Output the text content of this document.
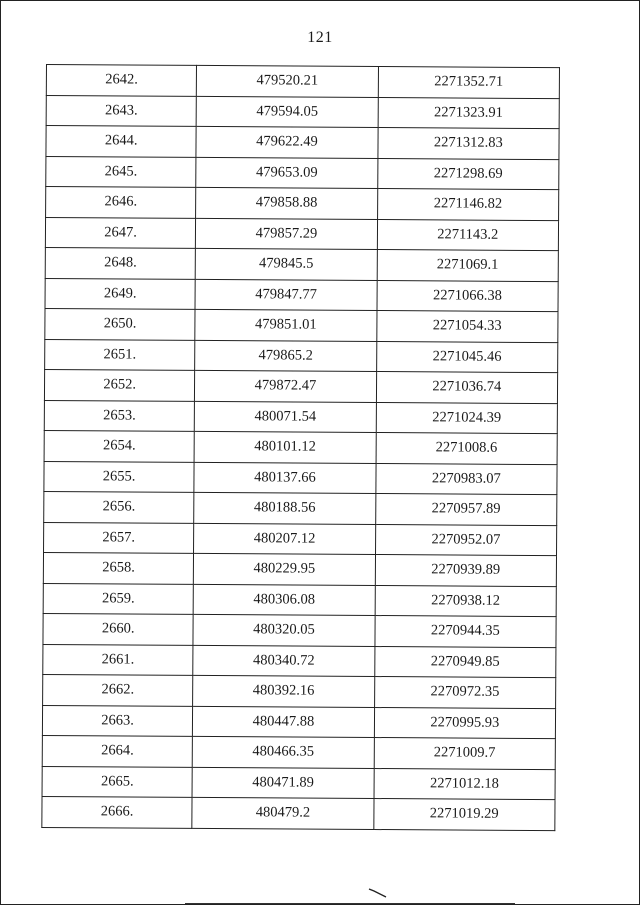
121
2642.	479520.21	2271352.71
2643.	479594.05	2271323.91
2644.	479622.49	2271312.83
2645.	479653.09	2271298.69
2646.	479858.88	2271146.82
2647.	479857.29	2271143.2
2648.	479845.5	2271069.1
2649.	479847.77	2271066.38
2650.	479851.01	2271054.33
2651.	479865.2	2271045.46
2652.	479872.47	2271036.74
2653.	480071.54	2271024.39
2654.	480101.12	2271008.6
2655.	480137.66	2270983.07
2656.	480188.56	2270957.89
2657.	480207.12	2270952.07
2658.	480229.95	2270939.89
2659.	480306.08	2270938.12
2660.	480320.05	2270944.35
2661.	480340.72	2270949.85
2662.	480392.16	2270972.35
2663.	480447.88	2270995.93
2664.	480466.35	2271009.7
2665.	480471.89	2271012.18
2666.	480479.2	2271019.29
